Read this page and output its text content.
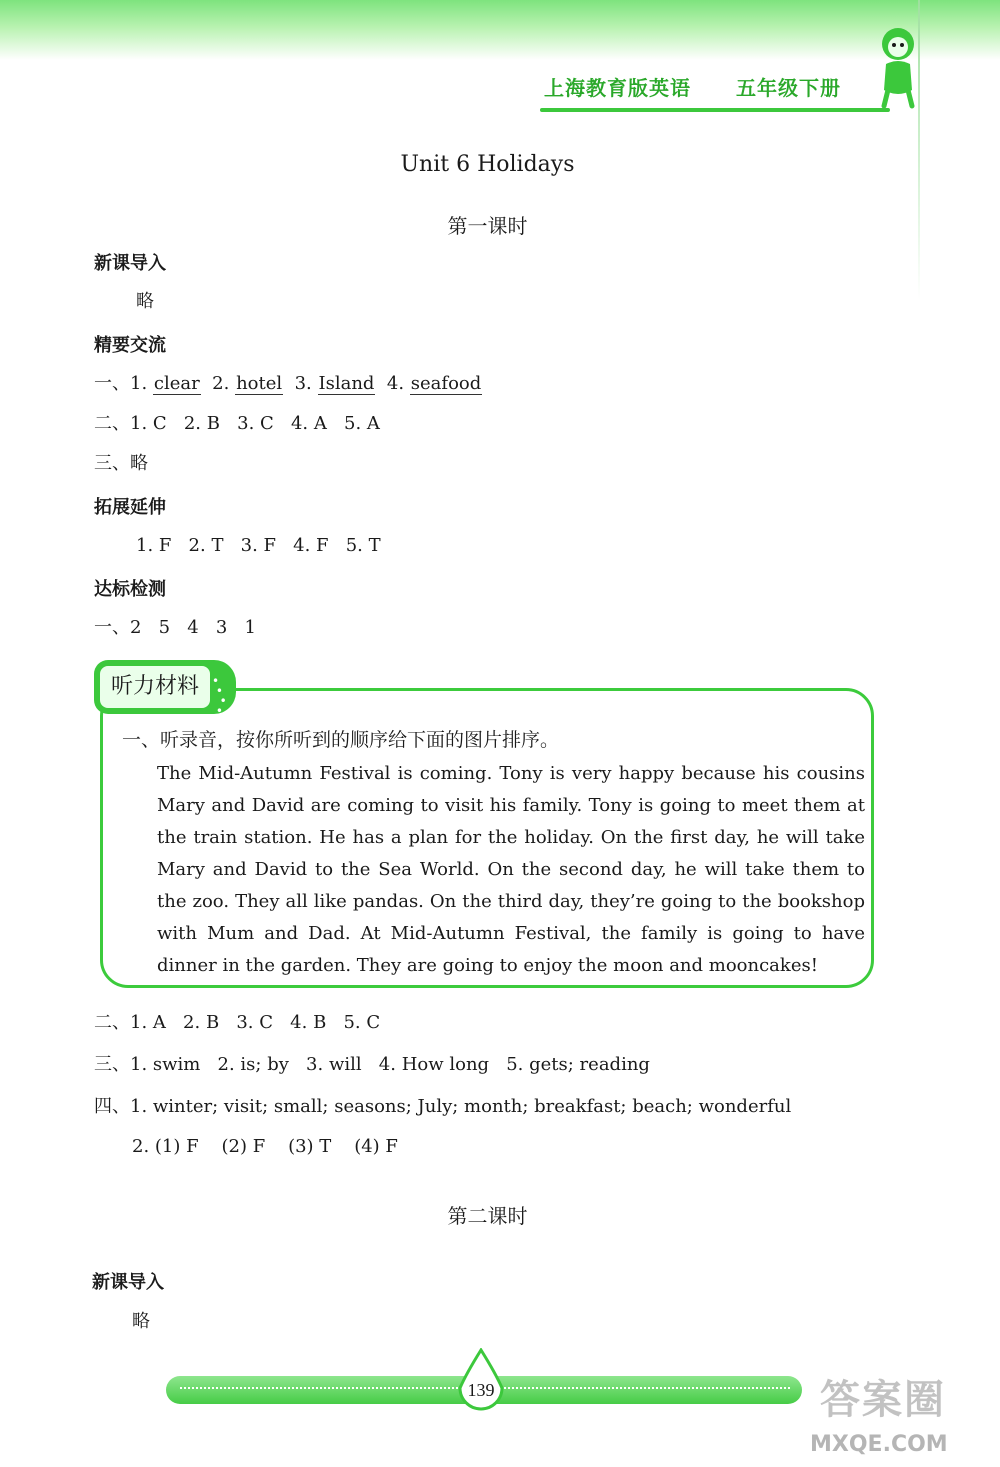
上海教育版英语 五年级下册
Unit 6 Holidays
第一课时
新课导入
略
精要交流
一、1. clear  2. hotel  3. Island  4. seafood
二、1. C   2. B   3. C   4. A   5. A
三、略
拓展延伸
1. F   2. T   3. F   4. F   5. T
达标检测
一、2   5   4   3   1
听力材料	•
•
•
•
•
一、听录音，按你所听到的顺序给下面的图片排序。
The Mid-Autumn Festival is coming. Tony is very happy because his cousins Mary and David are coming to visit his family. Tony is going to meet them at the train station. He has a plan for the holiday. On the first day, he will take Mary and David to the Sea World. On the second day, he will take them to the zoo. They all like pandas. On the third day, they’re going to the bookshop with Mum and Dad. At Mid-Autumn Festival, the family is going to have dinner in the garden. They are going to enjoy the moon and mooncakes!
二、1. A   2. B   3. C   4. B   5. C
三、1. swim   2. is; by   3. will   4. How long   5. gets; reading
四、1. winter; visit; small; seasons; July; month; breakfast; beach; wonderful
2. (1) F    (2) F    (3) T    (4) F
第二课时
新课导入
略
139	答案圈
MXQE.COM
